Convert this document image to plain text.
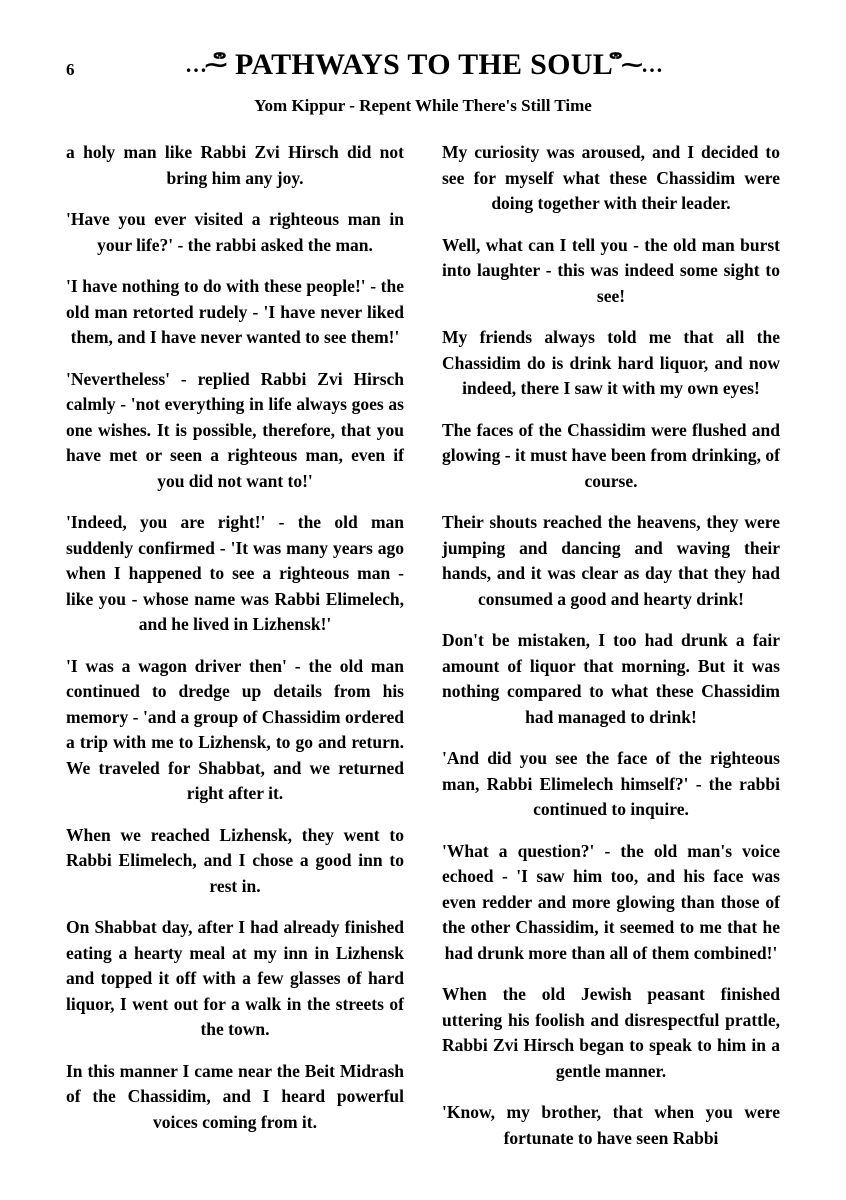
6	…⁓ຶ PATHWAYS TO THE SOUL ຶ⁓…
Yom Kippur - Repent While There's Still Time

a holy man like Rabbi Zvi Hirsch did not bring him any joy.

'Have you ever visited a righteous man in your life?' - the rabbi asked the man.

'I have nothing to do with these people!' - the old man retorted rudely - 'I have never liked them, and I have never wanted to see them!'

'Nevertheless' - replied Rabbi Zvi Hirsch calmly - 'not everything in life always goes as one wishes. It is possible, therefore, that you have met or seen a righteous man, even if you did not want to!'

'Indeed, you are right!' - the old man suddenly confirmed - 'It was many years ago when I happened to see a righteous man - like you - whose name was Rabbi Elimelech, and he lived in Lizhensk!'

'I was a wagon driver then' - the old man continued to dredge up details from his memory - 'and a group of Chassidim ordered a trip with me to Lizhensk, to go and return. We traveled for Shabbat, and we returned right after it.

When we reached Lizhensk, they went to Rabbi Elimelech, and I chose a good inn to rest in.

On Shabbat day, after I had already finished eating a hearty meal at my inn in Lizhensk and topped it off with a few glasses of hard liquor, I went out for a walk in the streets of the town.

In this manner I came near the Beit Midrash of the Chassidim, and I heard powerful voices coming from it.

My curiosity was aroused, and I decided to see for myself what these Chassidim were doing together with their leader.

Well, what can I tell you - the old man burst into laughter - this was indeed some sight to see!

My friends always told me that all the Chassidim do is drink hard liquor, and now indeed, there I saw it with my own eyes!

The faces of the Chassidim were flushed and glowing - it must have been from drinking, of course.

Their shouts reached the heavens, they were jumping and dancing and waving their hands, and it was clear as day that they had consumed a good and hearty drink!

Don't be mistaken, I too had drunk a fair amount of liquor that morning. But it was nothing compared to what these Chassidim had managed to drink!

'And did you see the face of the righteous man, Rabbi Elimelech himself?' - the rabbi continued to inquire.

'What a question?' - the old man's voice echoed - 'I saw him too, and his face was even redder and more glowing than those of the other Chassidim, it seemed to me that he had drunk more than all of them combined!'

When the old Jewish peasant finished uttering his foolish and disrespectful prattle, Rabbi Zvi Hirsch began to speak to him in a gentle manner.

'Know, my brother, that when you were fortunate to have seen Rabbi
